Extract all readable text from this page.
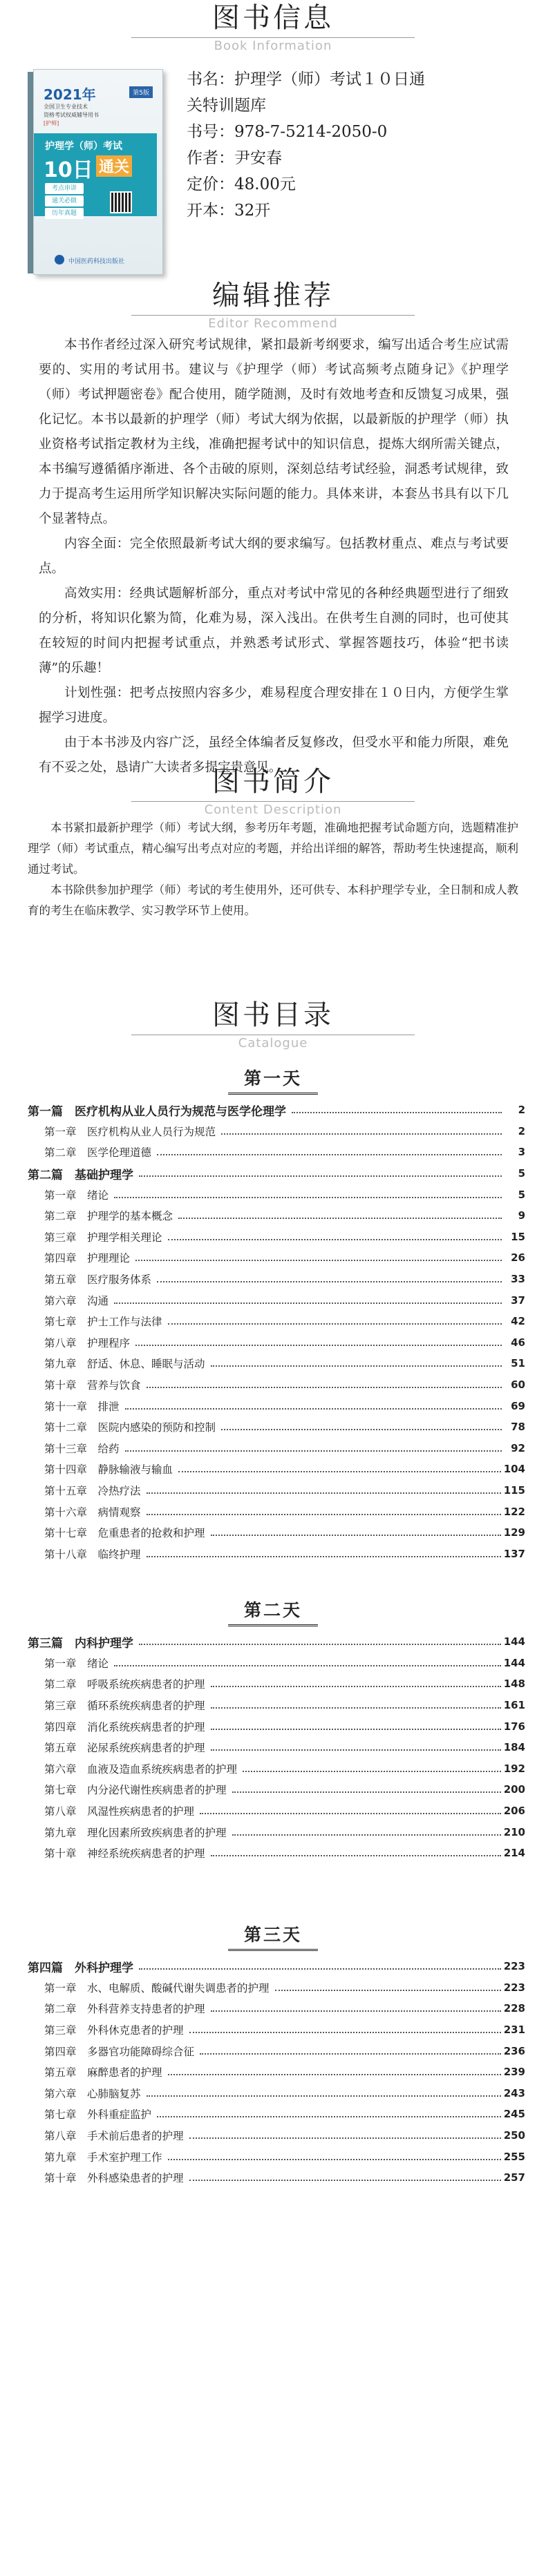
图书信息
Book Information
2021年	第5版
全国卫生专业技术
资格考试权威辅导用书
[护师]
护理学（师）考试
10日 通关
考点串讲
通关必做
历年真题
中国医药科技出版社
书名：护理学（师）考试１０日通
关特训题库
书号：978-7-5214-2050-0
作者：尹安春
定价：48.00元
开本：32开
编辑推荐
Editor Recommend

本书作者经过深入研究考试规律，紧扣最新考纲要求，编写出适合考生应试需要的、实用的考试用书。建议与《护理学（师）考试高频考点随身记》《护理学（师）考试押题密卷》配合使用，随学随测，及时有效地考查和反馈复习成果，强化记忆。本书以最新的护理学（师）考试大纲为依据，以最新版的护理学（师）执业资格考试指定教材为主线，准确把握考试中的知识信息，提炼大纲所需关键点，本书编写遵循循序渐进、各个击破的原则，深刻总结考试经验，洞悉考试规律，致力于提高考生运用所学知识解决实际问题的能力。具体来讲，本套丛书具有以下几个显著特点。

内容全面：完全依照最新考试大纲的要求编写。包括教材重点、难点与考试要点。

高效实用：经典试题解析部分，重点对考试中常见的各种经典题型进行了细致的分析，将知识化繁为简，化难为易，深入浅出。在供考生自测的同时，也可使其在较短的时间内把握考试重点，并熟悉考试形式、掌握答题技巧，体验“把书读薄”的乐趣！

计划性强：把考点按照内容多少，难易程度合理安排在１０日内，方便学生掌握学习进度。

由于本书涉及内容广泛，虽经全体编者反复修改，但受水平和能力所限，难免有不妥之处，恳请广大读者多提宝贵意见。

图书简介
Content Description

本书紧扣最新护理学（师）考试大纲，参考历年考题，准确地把握考试命题方向，选题精准护理学（师）考试重点，精心编写出考点对应的考题，并给出详细的解答，帮助考生快速提高，顺利通过考试。

本书除供参加护理学（师）考试的考生使用外，还可供专、本科护理学专业，全日制和成人教育的考生在临床教学、实习教学环节上使用。

图书目录
Catalogue
第一天
第一篇　医疗机构从业人员行为规范与医学伦理学	2
第一章　医疗机构从业人员行为规范	2
第二章　医学伦理道德	3
第二篇　基础护理学	5
第一章　绪论	5
第二章　护理学的基本概念	9
第三章　护理学相关理论	15
第四章　护理理论	26
第五章　医疗服务体系	33
第六章　沟通	37
第七章　护士工作与法律	42
第八章　护理程序	46
第九章　舒适、休息、睡眠与活动	51
第十章　营养与饮食	60
第十一章　排泄	69
第十二章　医院内感染的预防和控制	78
第十三章　给药	92
第十四章　静脉输液与输血	104
第十五章　冷热疗法	115
第十六章　病情观察	122
第十七章　危重患者的抢救和护理	129
第十八章　临终护理	137
第二天
第三篇　内科护理学	144
第一章　绪论	144
第二章　呼吸系统疾病患者的护理	148
第三章　循环系统疾病患者的护理	161
第四章　消化系统疾病患者的护理	176
第五章　泌尿系统疾病患者的护理	184
第六章　血液及造血系统疾病患者的护理	192
第七章　内分泌代谢性疾病患者的护理	200
第八章　风湿性疾病患者的护理	206
第九章　理化因素所致疾病患者的护理	210
第十章　神经系统疾病患者的护理	214
第三天
第四篇　外科护理学	223
第一章　水、电解质、酸碱代谢失调患者的护理	223
第二章　外科营养支持患者的护理	228
第三章　外科休克患者的护理	231
第四章　多器官功能障碍综合征	236
第五章　麻醉患者的护理	239
第六章　心肺脑复苏	243
第七章　外科重症监护	245
第八章　手术前后患者的护理	250
第九章　手术室护理工作	255
第十章　外科感染患者的护理	257
